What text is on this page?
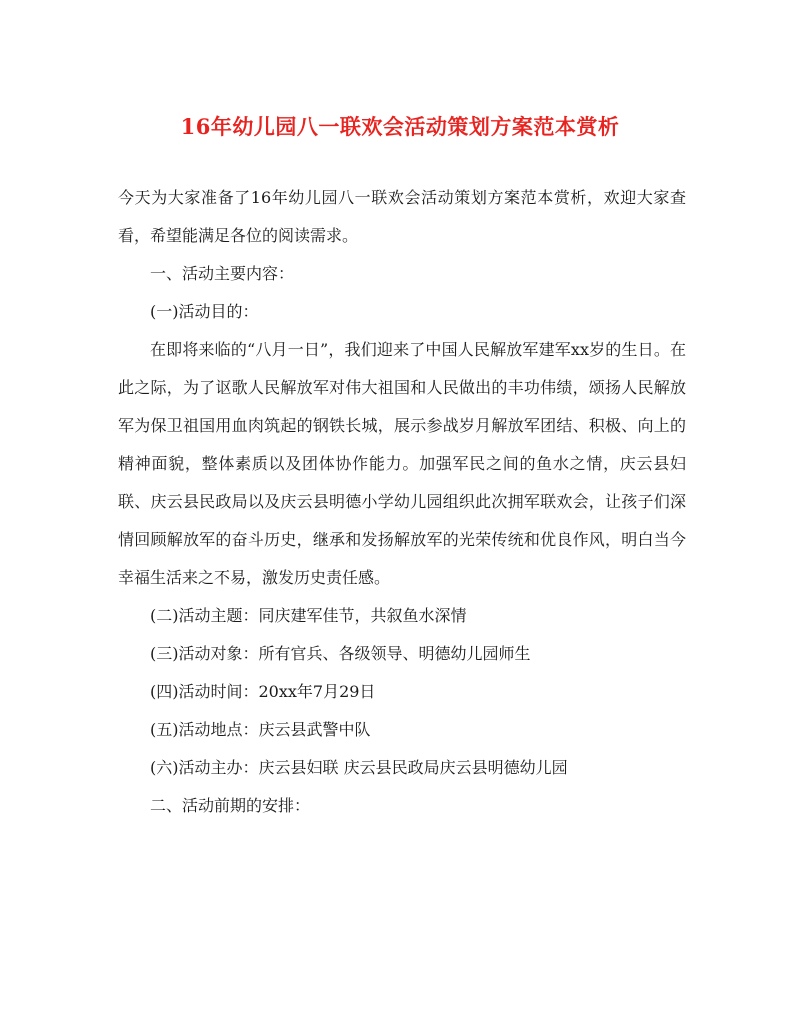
16年幼儿园八一联欢会活动策划方案范本赏析

今天为大家准备了16年幼儿园八一联欢会活动策划方案范本赏析，欢迎大家查看，希望能满足各位的阅读需求。

一、活动主要内容：

(一)活动目的：

在即将来临的“八月一日”，我们迎来了中国人民解放军建军xx岁的生日。在此之际，为了讴歌人民解放军对伟大祖国和人民做出的丰功伟绩，颂扬人民解放军为保卫祖国用血肉筑起的钢铁长城，展示参战岁月解放军团结、积极、向上的精神面貌，整体素质以及团体协作能力。加强军民之间的鱼水之情，庆云县妇联、庆云县民政局以及庆云县明德小学幼儿园组织此次拥军联欢会，让孩子们深情回顾解放军的奋斗历史，继承和发扬解放军的光荣传统和优良作风，明白当今幸福生活来之不易，激发历史责任感。

(二)活动主题：同庆建军佳节，共叙鱼水深情

(三)活动对象：所有官兵、各级领导、明德幼儿园师生

(四)活动时间：20xx年7月29日

(五)活动地点：庆云县武警中队

(六)活动主办：庆云县妇联 庆云县民政局庆云县明德幼儿园

二、活动前期的安排：
